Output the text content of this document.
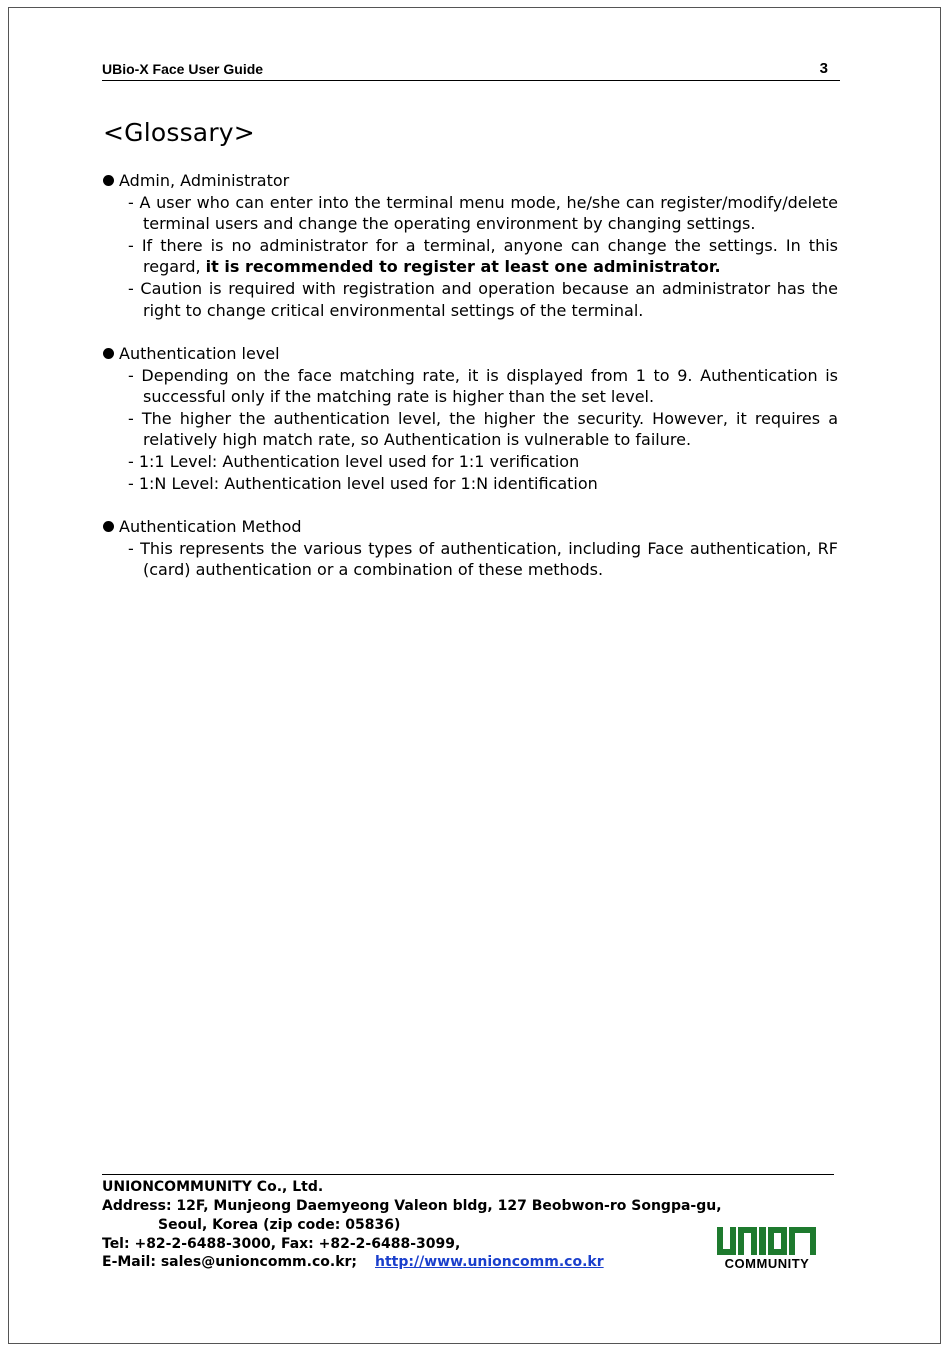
UBio-X Face User Guide	3
<Glossary>
Admin, Administrator
- A user who can enter into the terminal menu mode, he/she can register/modify/delete terminal users and change the operating environment by changing settings.
- If there is no administrator for a terminal, anyone can change the settings. In this regard, it is recommended to register at least one administrator.
- Caution is required with registration and operation because an administrator has the right to change critical environmental settings of the terminal.
Authentication level
- Depending on the face matching rate, it is displayed from 1 to 9. Authentication is successful only if the matching rate is higher than the set level.
- The higher the authentication level, the higher the security. However, it requires a relatively high match rate, so Authentication is vulnerable to failure.
- 1:1 Level: Authentication level used for 1:1 verification
- 1:N Level: Authentication level used for 1:N identification
Authentication Method
- This represents the various types of authentication, including Face authentication, RF (card) authentication or a combination of these methods.
UNIONCOMMUNITY Co., Ltd.
Address: 12F, Munjeong Daemyeong Valeon bldg, 127 Beobwon-ro Songpa-gu,
Seoul, Korea (zip code: 05836)
Tel: +82-2-6488-3000, Fax: +82-2-6488-3099,
E-Mail: sales@unioncomm.co.kr; http://www.unioncomm.co.kr	COMMUNITY
